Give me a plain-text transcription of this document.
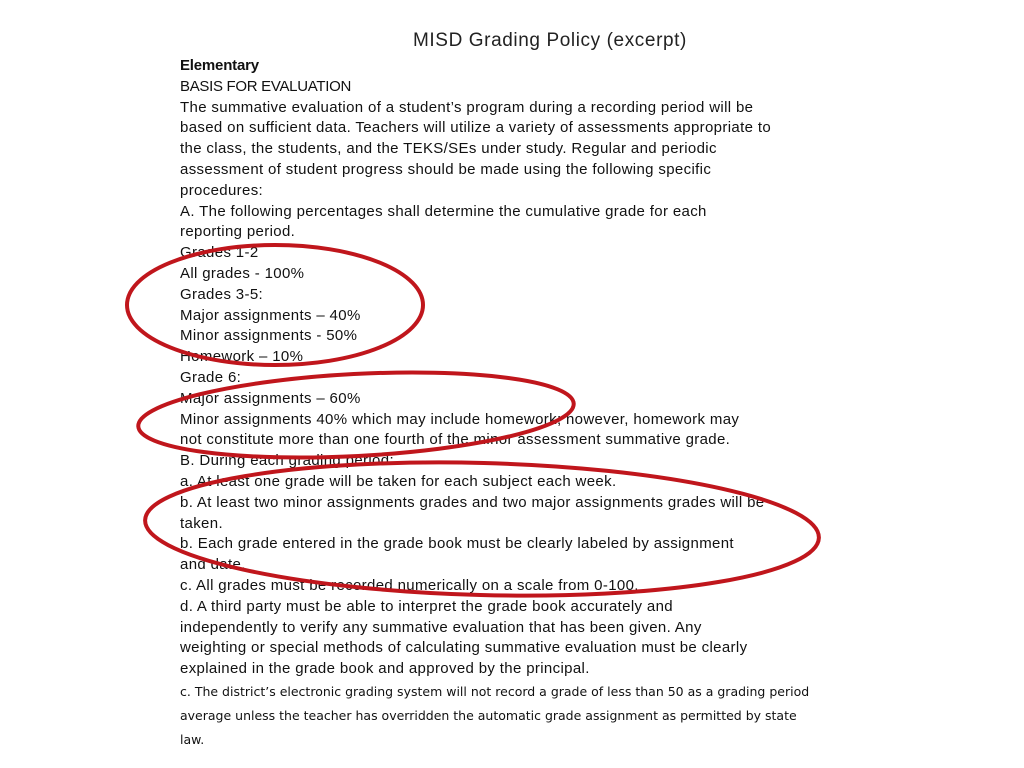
MISD Grading Policy (excerpt)
Elementary
BASIS FOR EVALUATION
The summative evaluation of a student’s program during a recording period will be
based on sufficient data. Teachers will utilize a variety of assessments appropriate to
the class, the students, and the TEKS/SEs under study. Regular and periodic
assessment of student progress should be made using the following specific
procedures:
A. The following percentages shall determine the cumulative grade for each
reporting period.
Grades 1-2
All grades - 100%
Grades 3-5:
Major assignments – 40%
Minor assignments - 50%
Homework – 10%
Grade 6:
Major assignments – 60%
Minor assignments 40% which may include homework; however, homework may
not constitute more than one fourth of the minor assessment summative grade.
B. During each grading period:
a. At least one grade will be taken for each subject each week.
b. At least two minor assignments grades and two major assignments grades will be
taken.
b. Each grade entered in the grade book must be clearly labeled by assignment
and date.
c. All grades must be recorded numerically on a scale from 0-100.
d. A third party must be able to interpret the grade book accurately and
independently to verify any summative evaluation that has been given. Any
weighting or special methods of calculating summative evaluation must be clearly
explained in the grade book and approved by the principal.
c. The district’s electronic grading system will not record a grade of less than 50 as a grading period
average unless the teacher has overridden the automatic grade assignment as permitted by state
law.
